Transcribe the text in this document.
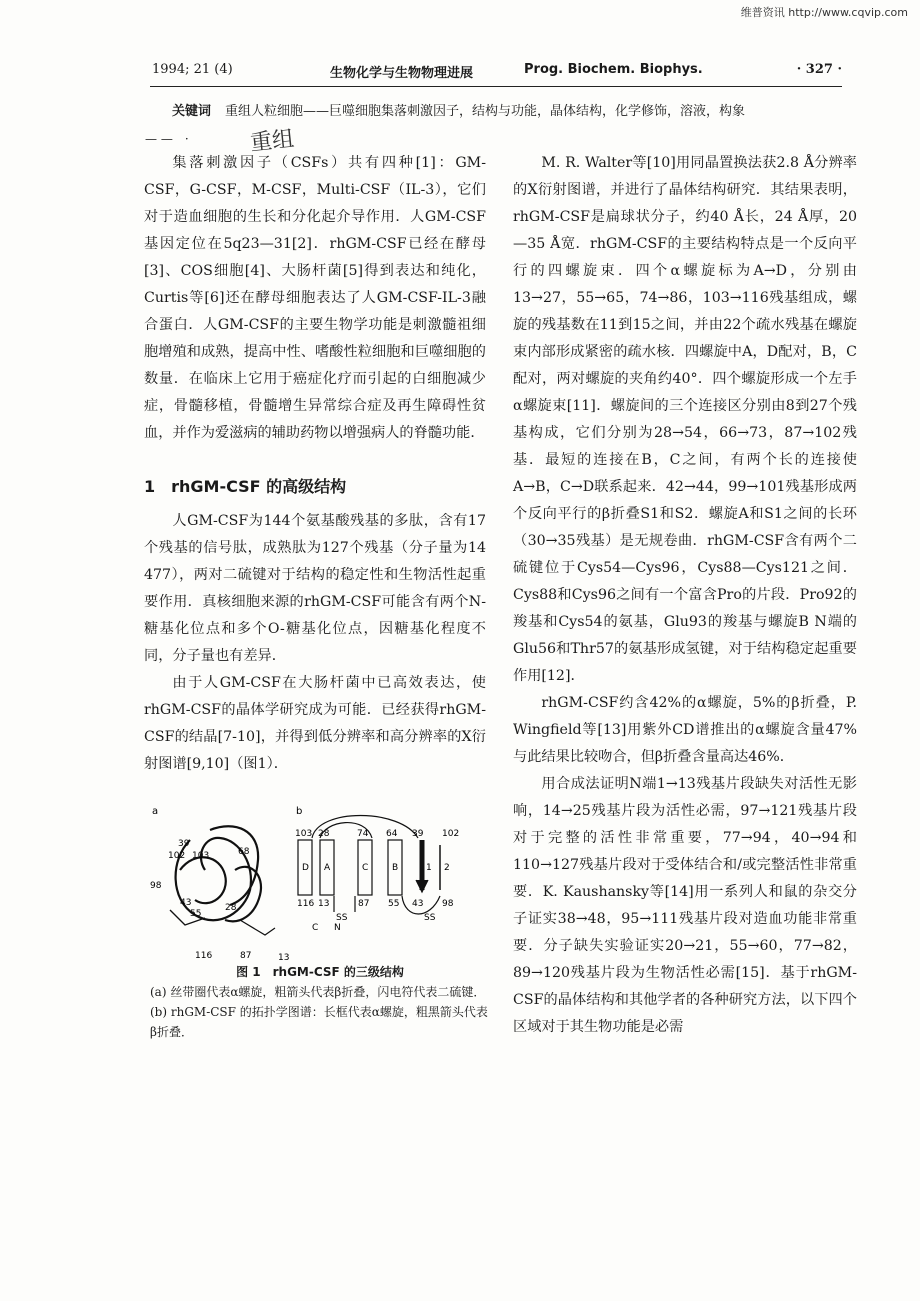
维普资讯 http://www.cqvip.com
1994; 21 (4)	生物化学与生物物理进展	Prog. Biochem. Biophys.	· 327 ·
关键词 重组人粒细胞——巨噬细胞集落刺激因子，结构与功能，晶体结构，化学修饰，溶液，构象
— —　·	重组

集落刺激因子（CSFs）共有四种[1]：GM-CSF，G-CSF，M-CSF，Multi-CSF（IL-3），它们对于造血细胞的生长和分化起介导作用．人GM-CSF基因定位在5q23—31[2]．rhGM-CSF已经在酵母[3]、COS细胞[4]、大肠杆菌[5]得到表达和纯化，Curtis等[6]还在酵母细胞表达了人GM-CSF-IL-3融合蛋白．人GM-CSF的主要生物学功能是刺激髓祖细胞增殖和成熟，提高中性、嗜酸性粒细胞和巨噬细胞的数量．在临床上它用于癌症化疗而引起的白细胞减少症，骨髓移植，骨髓增生异常综合症及再生障碍性贫血，并作为爱滋病的辅助药物以增强病人的脊髓功能．

1　rhGM-CSF 的高级结构

人GM-CSF为144个氨基酸残基的多肽，含有17个残基的信号肽，成熟肽为127个残基（分子量为14 477），两对二硫键对于结构的稳定性和生物活性起重要作用．真核细胞来源的rhGM-CSF可能含有两个N-糖基化位点和多个O-糖基化位点，因糖基化程度不同，分子量也有差异．

由于人GM-CSF在大肠杆菌中已高效表达，使rhGM-CSF的晶体学研究成为可能．已经获得rhGM-CSF的结晶[7-10]，并得到低分辨率和高分辨率的X衍射图谱[9,10]（图1）．

a	b
39
102 103	68
98
43
55
28
116	87	13
103 28	74 64 39 102
116 13	87 55 43 98
D A	C	B	1 2
SS	SS
C N
图 1　rhGM-CSF 的三级结构
(a) 丝带圈代表α螺旋，粗箭头代表β折叠，闪电符代表二硫键．(b) rhGM-CSF 的拓扑学图谱：长框代表α螺旋，粗黑箭头代表β折叠．

M. R. Walter等[10]用同晶置换法获2.8 Å分辨率的X衍射图谱，并进行了晶体结构研究．其结果表明，rhGM-CSF是扁球状分子，约40 Å长，24 Å厚，20—35 Å宽．rhGM-CSF的主要结构特点是一个反向平行的四螺旋束．四个α螺旋标为A→D，分别由13→27，55→65，74→86，103→116残基组成，螺旋的残基数在11到15之间，并由22个疏水残基在螺旋束内部形成紧密的疏水核．四螺旋中A，D配对，B，C配对，两对螺旋的夹角约40°．四个螺旋形成一个左手α螺旋束[11]．螺旋间的三个连接区分别由8到27个残基构成，它们分别为28→54，66→73，87→102残基．最短的连接在B，C之间，有两个长的连接使A→B，C→D联系起来．42→44，99→101残基形成两个反向平行的β折叠S1和S2．螺旋A和S1之间的长环（30→35残基）是无规卷曲．rhGM-CSF含有两个二硫键位于Cys54—Cys96，Cys88—Cys121之间．Cys88和Cys96之间有一个富含Pro的片段．Pro92的羧基和Cys54的氨基，Glu93的羧基与螺旋B N端的Glu56和Thr57的氨基形成氢键，对于结构稳定起重要作用[12]．

rhGM-CSF约含42%的α螺旋，5%的β折叠，P. Wingfield等[13]用紫外CD谱推出的α螺旋含量47%与此结果比较吻合，但β折叠含量高达46%．

用合成法证明N端1→13残基片段缺失对活性无影响，14→25残基片段为活性必需，97→121残基片段对于完整的活性非常重要，77→94，40→94和110→127残基片段对于受体结合和/或完整活性非常重要．K. Kaushansky等[14]用一系列人和鼠的杂交分子证实38→48，95→111残基片段对造血功能非常重要．分子缺失实验证实20→21，55→60，77→82，89→120残基片段为生物活性必需[15]．基于rhGM-CSF的晶体结构和其他学者的各种研究方法，以下四个区域对于其生物功能是必需
